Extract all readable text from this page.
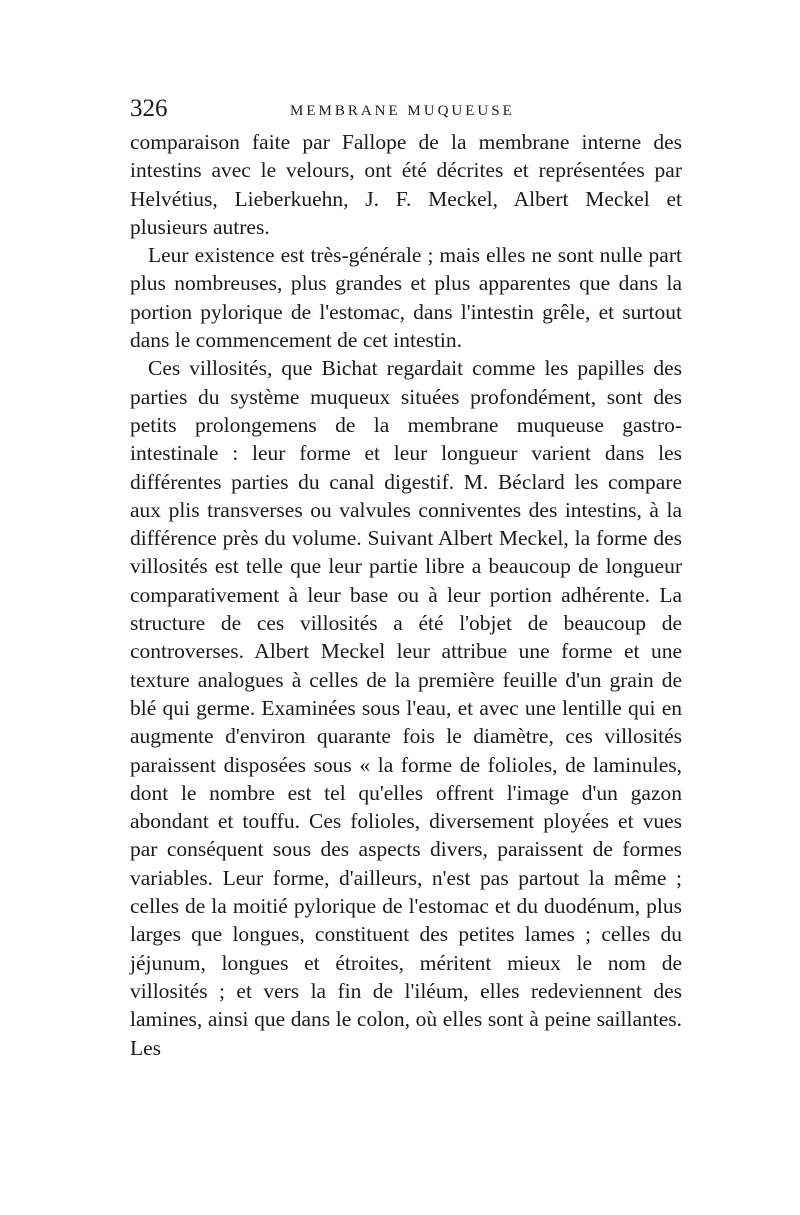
326	MEMBRANE MUQUEUSE

comparaison faite par Fallope de la membrane interne des intestins avec le velours, ont été décrites et représentées par Helvétius, Lieberkuehn, J. F. Meckel, Albert Meckel et plusieurs autres.

Leur existence est très-générale ; mais elles ne sont nulle part plus nombreuses, plus grandes et plus apparentes que dans la portion pylorique de l'estomac, dans l'intestin grêle, et surtout dans le commencement de cet intestin.

Ces villosités, que Bichat regardait comme les papilles des parties du système muqueux situées profondément, sont des petits prolongemens de la membrane muqueuse gastro-intestinale : leur forme et leur longueur varient dans les différentes parties du canal digestif. M. Béclard les compare aux plis transverses ou valvules conniventes des intestins, à la différence près du volume. Suivant Albert Meckel, la forme des villosités est telle que leur partie libre a beaucoup de longueur comparativement à leur base ou à leur portion adhérente. La structure de ces villosités a été l'objet de beaucoup de controverses. Albert Meckel leur attribue une forme et une texture analogues à celles de la première feuille d'un grain de blé qui germe. Examinées sous l'eau, et avec une lentille qui en augmente d'environ quarante fois le diamètre, ces villosités paraissent disposées sous « la forme de folioles, de laminules, dont le nombre est tel qu'elles offrent l'image d'un gazon abondant et touffu. Ces folioles, diversement ployées et vues par conséquent sous des aspects divers, paraissent de formes variables. Leur forme, d'ailleurs, n'est pas partout la même ; celles de la moitié pylorique de l'estomac et du duodénum, plus larges que longues, constituent des petites lames ; celles du jéjunum, longues et étroites, méritent mieux le nom de villosités ; et vers la fin de l'iléum, elles redeviennent des lamines, ainsi que dans le colon, où elles sont à peine saillantes. Les
